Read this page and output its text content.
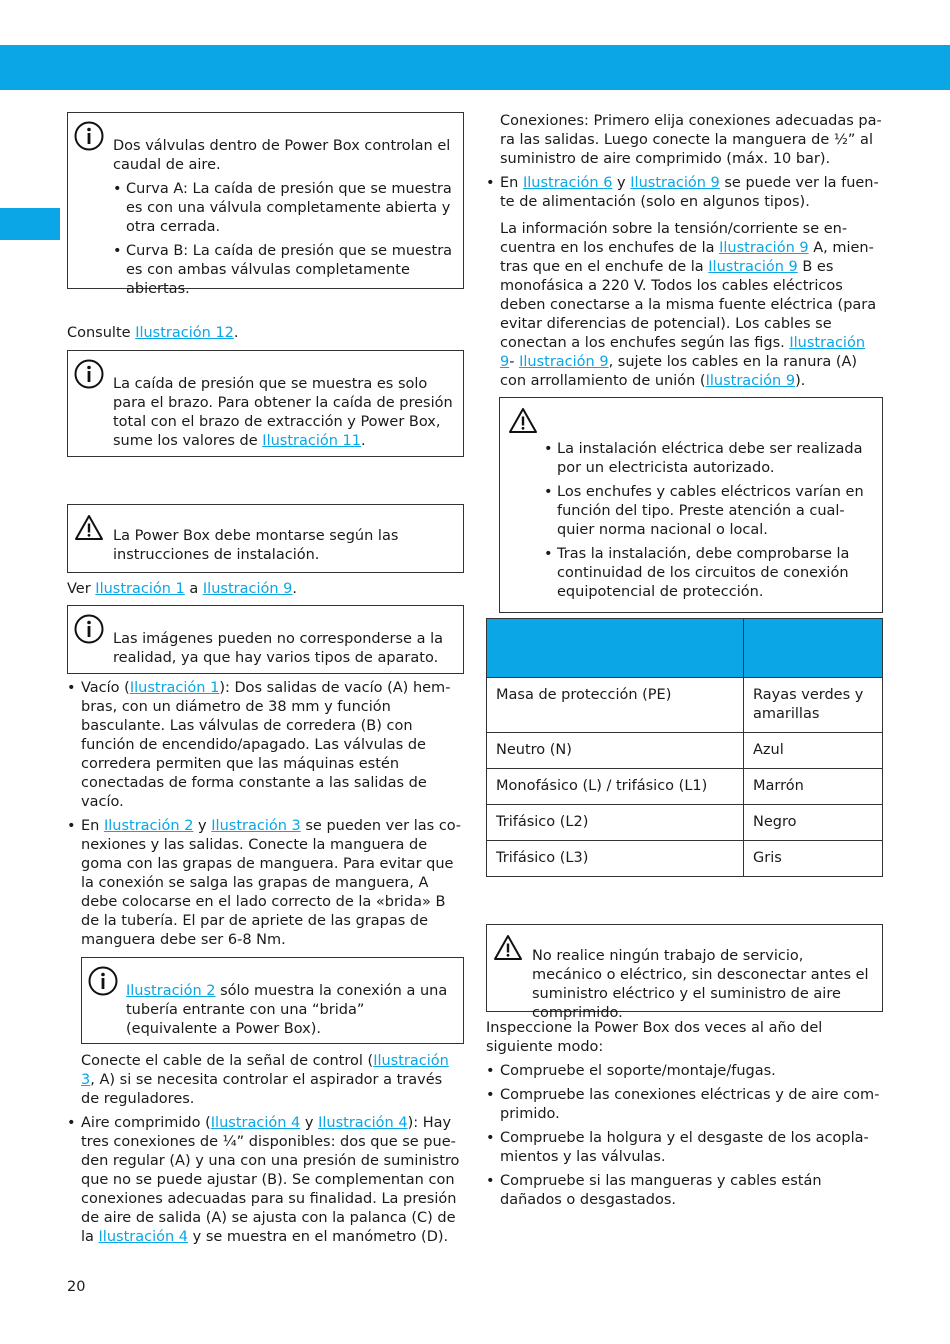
Dos válvulas dentro de Power Box controlan el caudal de aire.

• Curva A: La caída de presión que se muestra es con una válvula completamente abierta y otra cerrada.
• Curva B: La caída de presión que se muestra es con ambas válvulas completamente abiertas.

Consulte Ilustración 12.

La caída de presión que se muestra es solo para el brazo. Para obtener la caída de presión total con el brazo de extracción y Power Box, sume los valores de Ilustración 11.

La Power Box debe montarse según las instrucciones de instalación.

Ver Ilustración 1 a Ilustración 9.

Las imágenes pueden no corresponderse a la realidad, ya que hay varios tipos de aparato.

• Vacío (Ilustración 1): Dos salidas de vacío (A) hembras, con un diámetro de 38 mm y función basculante. Las válvulas de corredera (B) con función de encendido/apagado. Las válvulas de corredera permiten que las máquinas estén conectadas de forma constante a las salidas de vacío.
• En Ilustración 2 y Ilustración 3 se pueden ver las conexiones y las salidas. Conecte la manguera de goma con las grapas de manguera. Para evitar que la conexión se salga las grapas de manguera, A debe colocarse en el lado correcto de la «brida» B de la tubería. El par de apriete de las grapas de manguera debe ser 6-8 Nm.

Ilustración 2 sólo muestra la conexión a una tubería entrante con una “brida” (equivalente a Power Box).

Conecte el cable de la señal de control (Ilustración 3, A) si se necesita controlar el aspirador a través de reguladores.

• Aire comprimido (Ilustración 4 y Ilustración 4): Hay tres conexiones de ¼” disponibles: dos que se pueden regular (A) y una con una presión de suministro que no se puede ajustar (B). Se complementan con conexiones adecuadas para su finalidad. La presión de aire de salida (A) se ajusta con la palanca (C) de la Ilustración 4 y se muestra en el manómetro (D).

Conexiones: Primero elija conexiones adecuadas para las salidas. Luego conecte la manguera de ½” al suministro de aire comprimido (máx. 10 bar).

• En Ilustración 6 y Ilustración 9 se puede ver la fuente de alimentación (solo en algunos tipos).

La información sobre la tensión/corriente se encuentra en los enchufes de la Ilustración 9 A, mientras que en el enchufe de la Ilustración 9 B es monofásica a 220 V. Todos los cables eléctricos deben conectarse a la misma fuente eléctrica (para evitar diferencias de potencial). Los cables se conectan a los enchufes según las figs. Ilustración 9- Ilustración 9, sujete los cables en la ranura (A) con arrollamiento de unión (Ilustración 9).

• La instalación eléctrica debe ser realizada por un electricista autorizado.
• Los enchufes y cables eléctricos varían en función del tipo. Preste atención a cualquier norma nacional o local.
• Tras la instalación, debe comprobarse la continuidad de los circuitos de conexión equipotencial de protección.

Masa de protección (PE)	Rayas verdes y amarillas
Neutro (N)	Azul
Monofásico (L) / trifásico (L1)	Marrón
Trifásico (L2)	Negro
Trifásico (L3)	Gris

No realice ningún trabajo de servicio, mecánico o eléctrico, sin desconectar antes el suministro eléctrico y el suministro de aire comprimido.

Inspeccione la Power Box dos veces al año del siguiente modo:

• Compruebe el soporte/montaje/fugas.
• Compruebe las conexiones eléctricas y de aire comprimido.
• Compruebe la holgura y el desgaste de los acoplamientos y las válvulas.
• Compruebe si las mangueras y cables están dañados o desgastados.
20
